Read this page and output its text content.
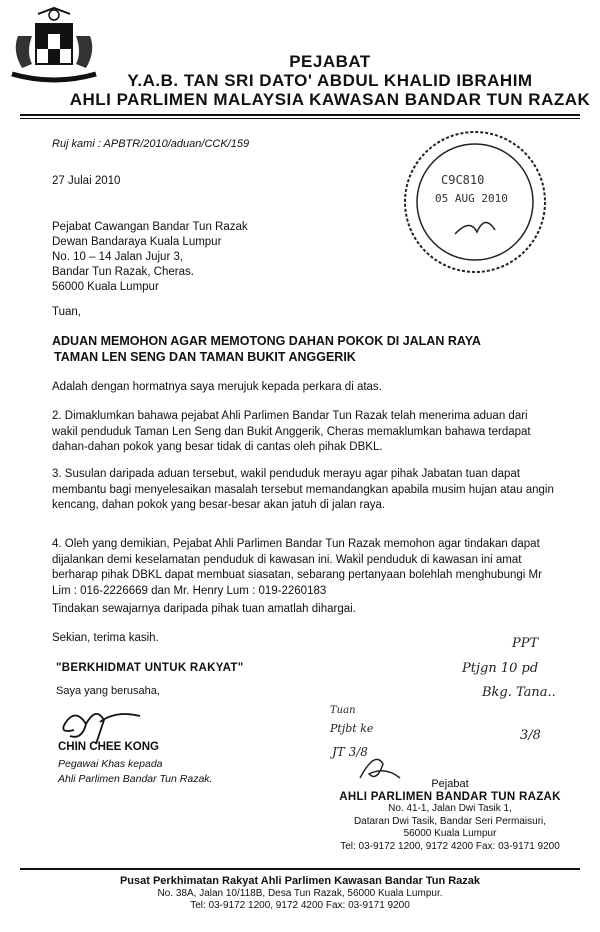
PEJABAT
Y.A.B. TAN SRI DATO' ABDUL KHALID IBRAHIM
AHLI PARLIMEN MALAYSIA KAWASAN BANDAR TUN RAZAK
C9C810
05 AUG 2010
Ruj kami : APBTR/2010/aduan/CCK/159
27 Julai 2010
Pejabat Cawangan Bandar Tun Razak
Dewan Bandaraya Kuala Lumpur
No. 10 – 14 Jalan Jujur 3,
Bandar Tun Razak, Cheras.
56000 Kuala Lumpur
Tuan,
ADUAN MEMOHON AGAR MEMOTONG DAHAN POKOK DI JALAN RAYA
TAMAN LEN SENG DAN TAMAN BUKIT ANGGERIK
Adalah dengan hormatnya saya merujuk kepada perkara di atas.
2. Dimaklumkan bahawa pejabat Ahli Parlimen Bandar Tun Razak telah menerima aduan dari
wakil penduduk Taman Len Seng dan Bukit Anggerik, Cheras memaklumkan bahawa terdapat
dahan-dahan pokok yang besar tidak di cantas oleh pihak DBKL.
3. Susulan daripada aduan tersebut, wakil penduduk merayu agar pihak Jabatan tuan dapat
membantu bagi menyelesaikan masalah tersebut memandangkan apabila musim hujan atau angin
kencang, dahan pokok yang besar-besar akan jatuh di jalan raya.
4. Oleh yang demikian, Pejabat Ahli Parlimen Bandar Tun Razak memohon agar tindakan dapat
dijalankan demi keselamatan penduduk di kawasan ini. Wakil penduduk di kawasan ini amat
berharap pihak DBKL dapat membuat siasatan, sebarang pertanyaan bolehlah menghubungi Mr
Lim : 016-2226669 dan Mr. Henry Lum : 019-2260183
Tindakan sewajarnya daripada pihak tuan amatlah dihargai.
Sekian, terima kasih.
"BERKHIDMAT UNTUK RAKYAT"
Saya yang berusaha,
CHIN CHEE KONG
Pegawai Khas kepada
Ahli Parlimen Bandar Tun Razak.
PPT
Ptjgn 10 pd
Bkg. Tana..
Tuan
Ptjbt ke
JT 3/8
3/8
Pejabat
AHLI PARLIMEN BANDAR TUN RAZAK
No. 41-1, Jalan Dwi Tasik 1,
Dataran Dwi Tasik, Bandar Seri Permaisuri,
56000 Kuala Lumpur
Tel: 03-9172 1200, 9172 4200 Fax: 03-9171 9200
Pusat Perkhimatan Rakyat Ahli Parlimen Kawasan Bandar Tun Razak
No. 38A, Jalan 10/118B, Desa Tun Razak, 56000 Kuala Lumpur.
Tel: 03-9172 1200, 9172 4200 Fax: 03-9171 9200
